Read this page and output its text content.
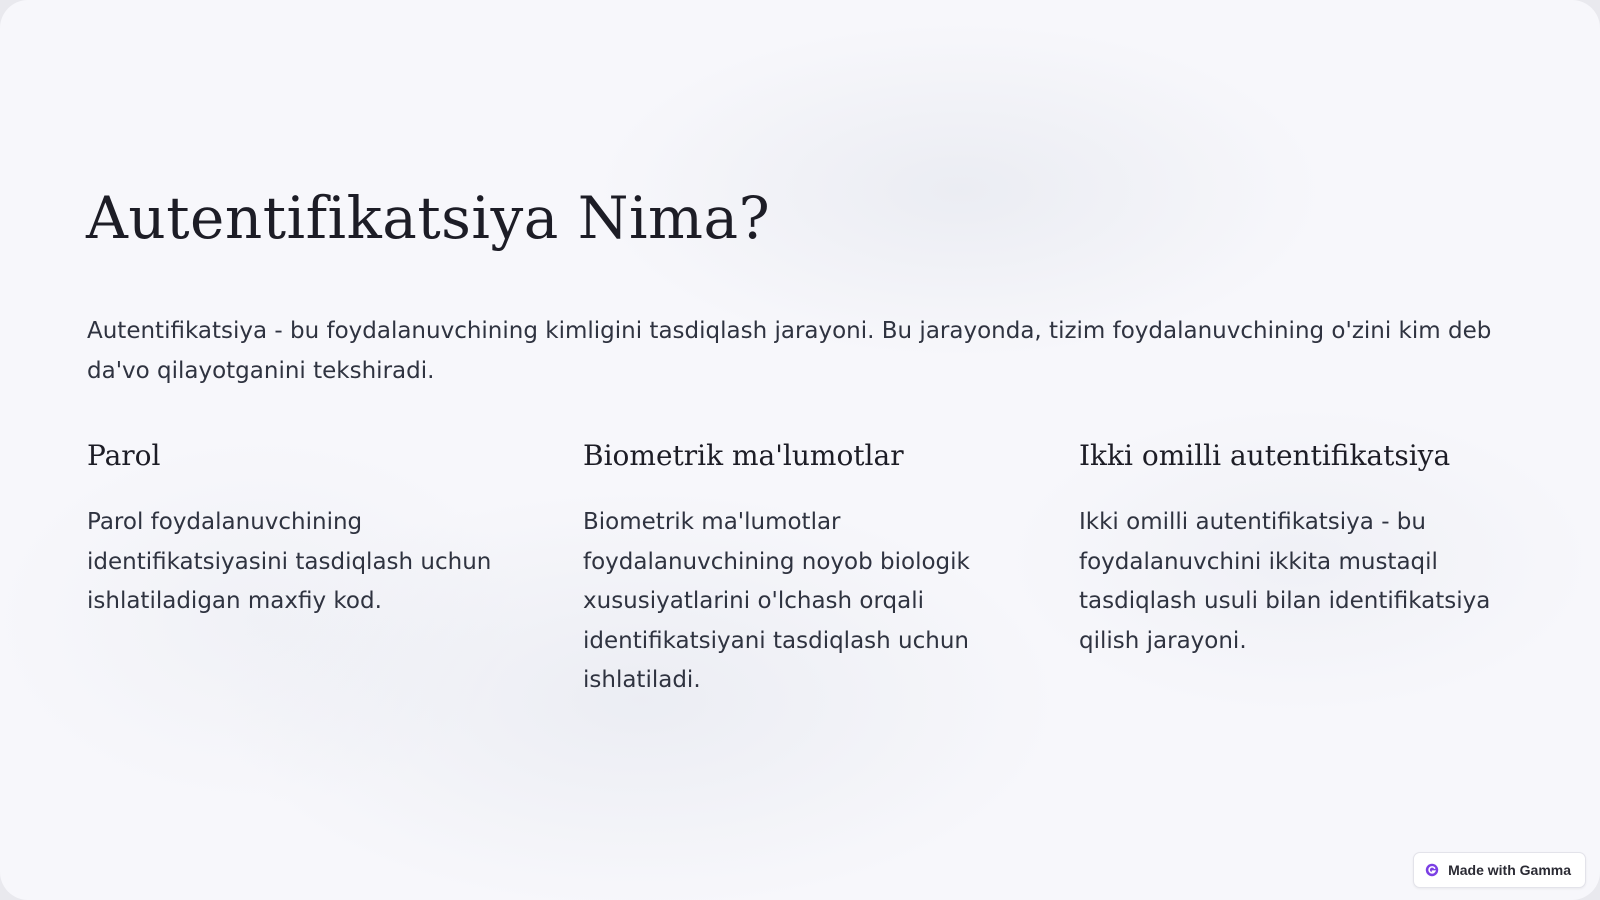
Autentifikatsiya Nima?

Autentifikatsiya - bu foydalanuvchining kimligini tasdiqlash jarayoni. Bu jarayonda, tizim foydalanuvchining o'zini kim deb da'vo qilayotganini tekshiradi.

Parol

Parol foydalanuvchining identifikatsiyasini tasdiqlash uchun ishlatiladigan maxfiy kod.

Biometrik ma'lumotlar

Biometrik ma'lumotlar foydalanuvchining noyob biologik xususiyatlarini o'lchash orqali identifikatsiyani tasdiqlash uchun ishlatiladi.

Ikki omilli autentifikatsiya

Ikki omilli autentifikatsiya - bu foydalanuvchini ikkita mustaqil tasdiqlash usuli bilan identifikatsiya qilish jarayoni.

Made with Gamma
